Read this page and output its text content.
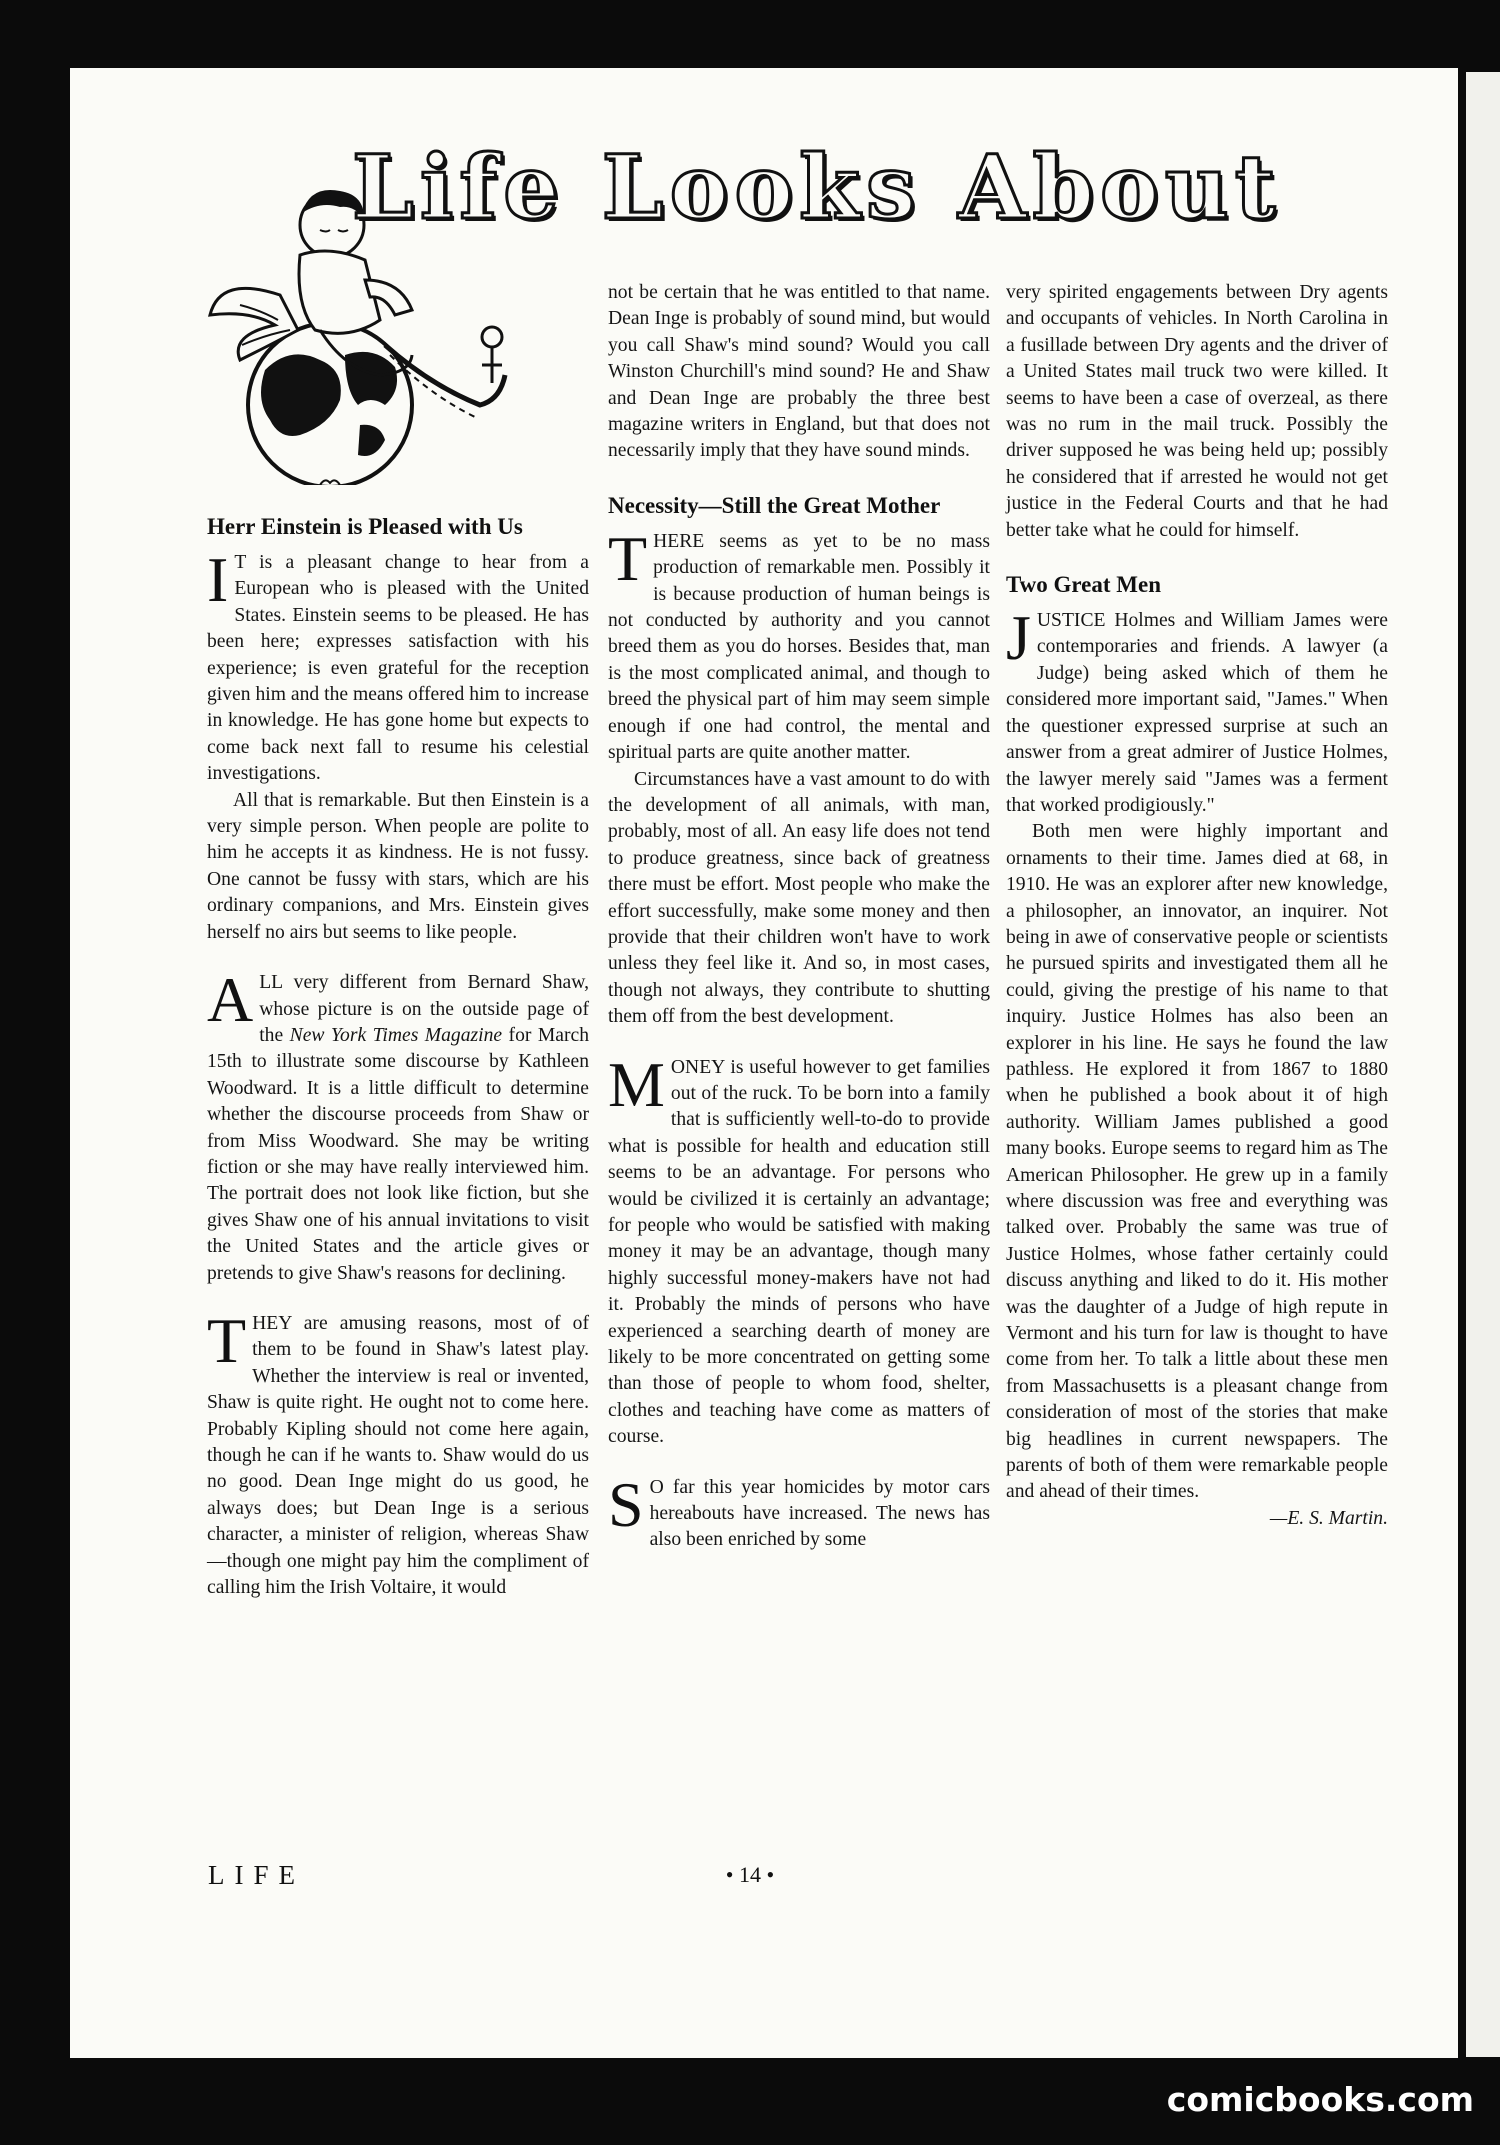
Life Looks About
Herr Einstein is Pleased with Us

I T is a pleasant change to hear from a European who is pleased with the United States. Einstein seems to be pleased. He has been here; expresses satisfaction with his experience; is even grateful for the reception given him and the means offered him to increase in knowledge. He has gone home but expects to come back next fall to resume his celestial investigations.

All that is remarkable. But then Einstein is a very simple person. When people are polite to him he accepts it as kindness. He is not fussy. One cannot be fussy with stars, which are his ordinary companions, and Mrs. Einstein gives herself no airs but seems to like people.

ALL very different from Bernard Shaw, whose picture is on the outside page of the New York Times Magazine for March 15th to illustrate some discourse by Kathleen Woodward. It is a little difficult to determine whether the discourse proceeds from Shaw or from Miss Woodward. She may be writing fiction or she may have really interviewed him. The portrait does not look like fiction, but she gives Shaw one of his annual invitations to visit the United States and the article gives or pretends to give Shaw's reasons for declining.

THEY are amusing reasons, most of of them to be found in Shaw's latest play. Whether the interview is real or invented, Shaw is quite right. He ought not to come here. Probably Kipling should not come here again, though he can if he wants to. Shaw would do us no good. Dean Inge might do us good, he always does; but Dean Inge is a serious character, a minister of religion, whereas Shaw—though one might pay him the compliment of calling him the Irish Voltaire, it would

not be certain that he was entitled to that name. Dean Inge is probably of sound mind, but would you call Shaw's mind sound? Would you call Winston Churchill's mind sound? He and Shaw and Dean Inge are probably the three best magazine writers in England, but that does not necessarily imply that they have sound minds.

Necessity—Still the Great Mother

THERE seems as yet to be no mass production of remarkable men. Possibly it is because production of human beings is not conducted by authority and you cannot breed them as you do horses. Besides that, man is the most complicated animal, and though to breed the physical part of him may seem simple enough if one had control, the mental and spiritual parts are quite another matter.

Circumstances have a vast amount to do with the development of all animals, with man, probably, most of all. An easy life does not tend to produce greatness, since back of greatness there must be effort. Most people who make the effort successfully, make some money and then provide that their children won't have to work unless they feel like it. And so, in most cases, though not always, they contribute to shutting them off from the best development.

MONEY is useful however to get families out of the ruck. To be born into a family that is sufficiently well-to-do to provide what is possible for health and education still seems to be an advantage. For persons who would be civilized it is certainly an advantage; for people who would be satisfied with making money it may be an advantage, though many highly successful money-makers have not had it. Probably the minds of persons who have experienced a searching dearth of money are likely to be more concentrated on getting some than those of people to whom food, shelter, clothes and teaching have come as matters of course.

S O far this year homicides by motor cars hereabouts have increased. The news has also been enriched by some

very spirited engagements between Dry agents and occupants of vehicles. In North Carolina in a fusillade between Dry agents and the driver of a United States mail truck two were killed. It seems to have been a case of overzeal, as there was no rum in the mail truck. Possibly the driver supposed he was being held up; possibly he considered that if arrested he would not get justice in the Federal Courts and that he had better take what he could for himself.

Two Great Men

JUSTICE Holmes and William James were contemporaries and friends. A lawyer (a Judge) being asked which of them he considered more important said, "James." When the questioner expressed surprise at such an answer from a great admirer of Justice Holmes, the lawyer merely said "James was a ferment that worked prodigiously."

Both men were highly important and ornaments to their time. James died at 68, in 1910. He was an explorer after new knowledge, a philosopher, an innovator, an inquirer. Not being in awe of conservative people or scientists he pursued spirits and investigated them all he could, giving the prestige of his name to that inquiry. Justice Holmes has also been an explorer in his line. He says he found the law pathless. He explored it from 1867 to 1880 when he published a book about it of high authority. William James published a good many books. Europe seems to regard him as The American Philosopher. He grew up in a family where discussion was free and everything was talked over. Probably the same was true of Justice Holmes, whose father certainly could discuss anything and liked to do it. His mother was the daughter of a Judge of high repute in Vermont and his turn for law is thought to have come from her. To talk a little about these men from Massachusetts is a pleasant change from consideration of most of the stories that make big headlines in current newspapers. The parents of both of them were remarkable people and ahead of their times.

—E. S. Martin.

LIFE	• 14 •
comicbooks.com
